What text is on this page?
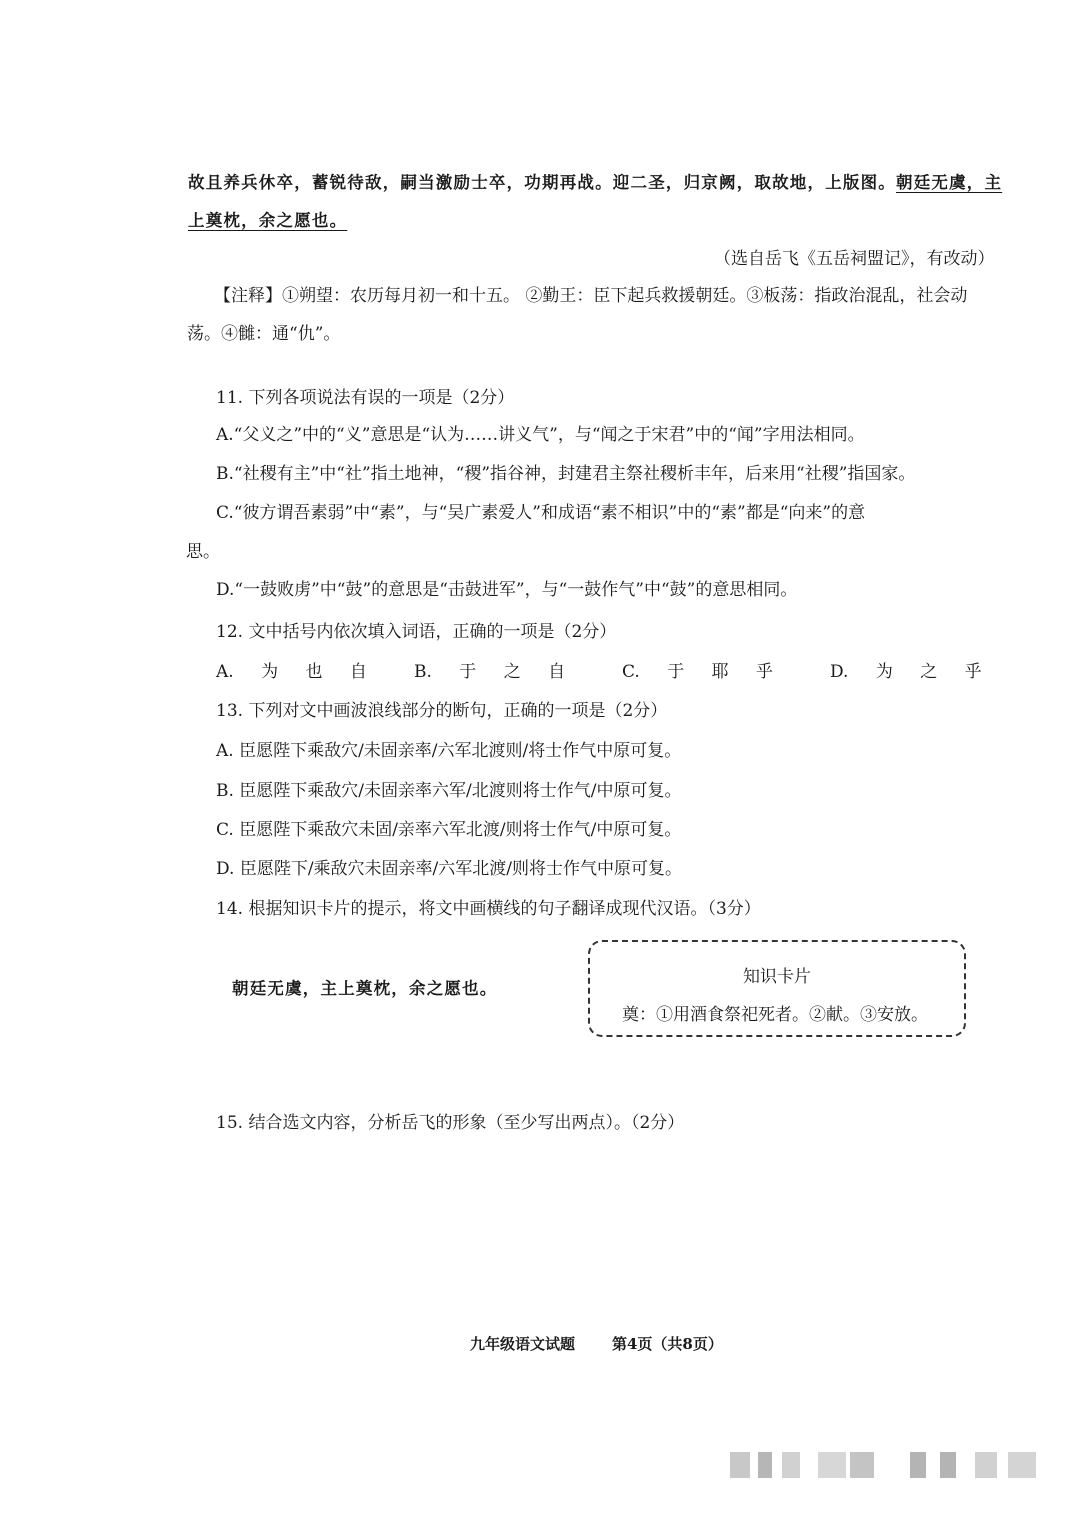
故且养兵休卒，蓄锐待敌，嗣当激励士卒，功期再战。迎二圣，归京阙，取故地，上版图。朝廷无虞，主
上奠枕，余之愿也。
（选自岳飞《五岳祠盟记》，有改动）
【注释】①朔望：农历每月初一和十五。 ②勤王：臣下起兵救援朝廷。③板荡：指政治混乱，社会动
荡。④雠：通“仇”。
11. 下列各项说法有误的一项是（2分）
A.“父义之”中的“义”意思是“认为……讲义气”，与“闻之于宋君”中的“闻”字用法相同。
B.“社稷有主”中“社”指土地神，“稷”指谷神，封建君主祭社稷析丰年，后来用“社稷”指国家。
C.“彼方谓吾素弱”中“素”，与“吴广素爱人”和成语“素不相识”中的“素”都是“向来”的意
思。
D.“一鼓败虏”中“鼓”的意思是“击鼓进军”，与“一鼓作气”中“鼓”的意思相同。
12. 文中括号内依次填入词语，正确的一项是（2分）
A. 为 也 自	B. 于 之 自	C. 于 耶 乎	D. 为 之 乎
13. 下列对文中画波浪线部分的断句，正确的一项是（2分）
A. 臣愿陛下乘敌穴/未固亲率/六军北渡则/将士作气中原可复。
B. 臣愿陛下乘敌穴/未固亲率六军/北渡则将士作气/中原可复。
C. 臣愿陛下乘敌穴未固/亲率六军北渡/则将士作气/中原可复。
D. 臣愿陛下/乘敌穴未固亲率/六军北渡/则将士作气中原可复。
14. 根据知识卡片的提示，将文中画横线的句子翻译成现代汉语。（3分）
朝廷无虞，主上奠枕，余之愿也。
知识卡片
奠：①用酒食祭祀死者。②献。③安放。
15. 结合选文内容，分析岳飞的形象（至少写出两点）。（2分）
九年级语文试题 第4页（共8页）
